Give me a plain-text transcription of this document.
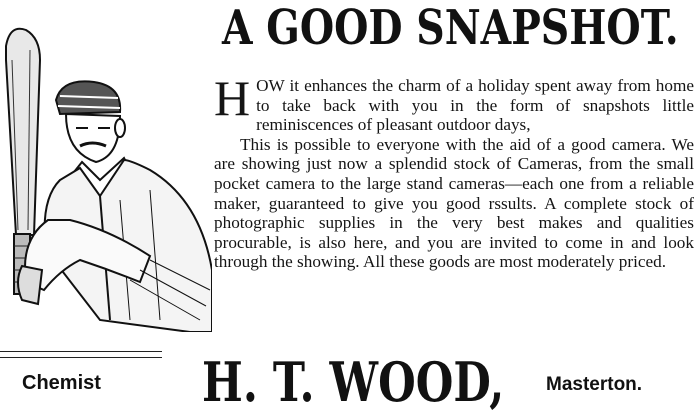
A GOOD SNAPSHOT.

HOW it enhances the charm of a holiday spent away from home to take back with you in the form of snapshots little reminiscences of pleasant outdoor days,

This is possible to everyone with the aid of a good camera. We are showing just now a splendid stock of Cameras, from the small pocket camera to the large stand cameras—each one from a reliable maker, guaranteed to give you good rssults. A complete stock of photographic supplies in the very best makes and qualities procurable, is also here, and you are invited to come in and look through the showing. All these goods are most moderately priced.

Chemist H. T. WOOD, Masterton.
